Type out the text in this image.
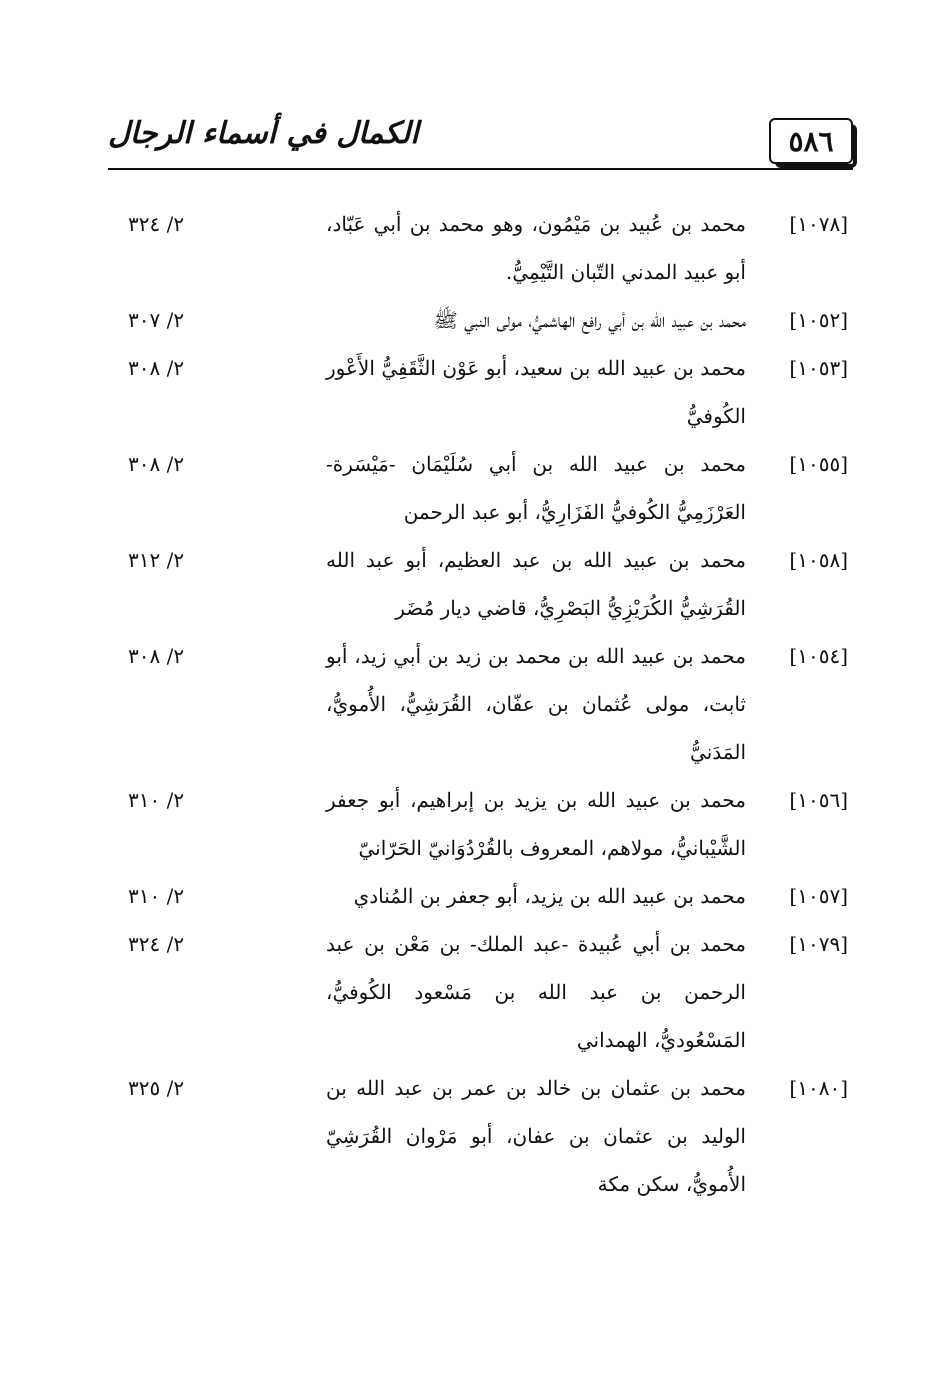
٥٨٦
الكمال في أسماء الرجال
[١٠٧٨]
محمد بن عُبيد بن مَيْمُون، وهو محمد بن أبي عَبّاد، أبو عبيد المدني التّبان التَّيْمِيُّ.
٢/ ٣٢٤
[١٠٥٢]
محمد بن عبيد الله بن أبي رافع الهاشميُّ، مولى النبي ﷺ
٢/ ٣٠٧
[١٠٥٣]
محمد بن عبيد الله بن سعيد، أبو عَوْن الثَّقَفِيُّ الأَعْور الكُوفيُّ
٢/ ٣٠٨
[١٠٥٥]
محمد بن عبيد الله بن أبي سُلَيْمَان -مَيْسَرة- العَرْزَمِيُّ الكُوفيُّ الفَزَارِيُّ، أبو عبد الرحمن
٢/ ٣٠٨
[١٠٥٨]
محمد بن عبيد الله بن عبد العظيم، أبو عبد الله القُرَشِيُّ الكُرَيْزِيُّ البَصْرِيُّ، قاضي ديار مُضَر
٢/ ٣١٢
[١٠٥٤]
محمد بن عبيد الله بن محمد بن زيد بن أبي زيد، أبو ثابت، مولى عُثمان بن عفّان، القُرَشِيُّ، الأُمويُّ، المَدَنيُّ
٢/ ٣٠٨
[١٠٥٦]
محمد بن عبيد الله بن يزيد بن إبراهيم، أبو جعفر الشَّيْبانيُّ، مولاهم، المعروف بالقُرْدُوَانيّ الحَرّانيّ
٢/ ٣١٠
[١٠٥٧]
محمد بن عبيد الله بن يزيد، أبو جعفر بن المُنادي
٢/ ٣١٠
[١٠٧٩]
محمد بن أبي عُبيدة -عبد الملك- بن مَعْن بن عبد الرحمن بن عبد الله بن مَسْعود الكُوفيُّ، المَسْعُوديُّ، الهمداني
٢/ ٣٢٤
[١٠٨٠]
محمد بن عثمان بن خالد بن عمر بن عبد الله بن الوليد بن عثمان بن عفان، أبو مَرْوان القُرَشِيّ الأُمويُّ، سكن مكة
٢/ ٣٢٥
